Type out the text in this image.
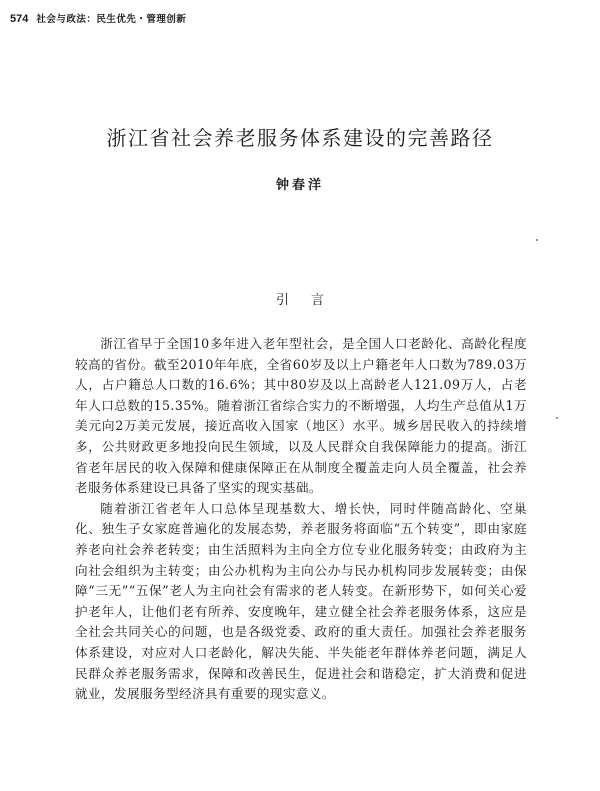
574 社会与政法：民生优先・管理创新
浙江省社会养老服务体系建设的完善路径
钟春洋
引言

浙江省早于全国10多年进入老年型社会，是全国人口老龄化、高龄化程度较高的省份。截至2010年年底，全省60岁及以上户籍老年人口数为789.03万人，占户籍总人口数的16.6%；其中80岁及以上高龄老人121.09万人，占老年人口总数的15.35%。随着浙江省综合实力的不断增强，人均生产总值从1万美元向2万美元发展，接近高收入国家（地区）水平。城乡居民收入的持续增多，公共财政更多地投向民生领域，以及人民群众自我保障能力的提高。浙江省老年居民的收入保障和健康保障正在从制度全覆盖走向人员全覆盖，社会养老服务体系建设已具备了坚实的现实基础。

随着浙江省老年人口总体呈现基数大、增长快，同时伴随高龄化、空巢化、独生子女家庭普遍化的发展态势，养老服务将面临“五个转变”，即由家庭养老向社会养老转变；由生活照料为主向全方位专业化服务转变；由政府为主向社会组织为主转变；由公办机构为主向公办与民办机构同步发展转变；由保障“三无”“五保”老人为主向社会有需求的老人转变。在新形势下，如何关心爱护老年人，让他们老有所养、安度晚年，建立健全社会养老服务体系，这应是全社会共同关心的问题，也是各级党委、政府的重大责任。加强社会养老服务体系建设，对应对人口老龄化，解决失能、半失能老年群体养老问题，满足人民群众养老服务需求，保障和改善民生，促进社会和谐稳定，扩大消费和促进就业，发展服务型经济具有重要的现实意义。
